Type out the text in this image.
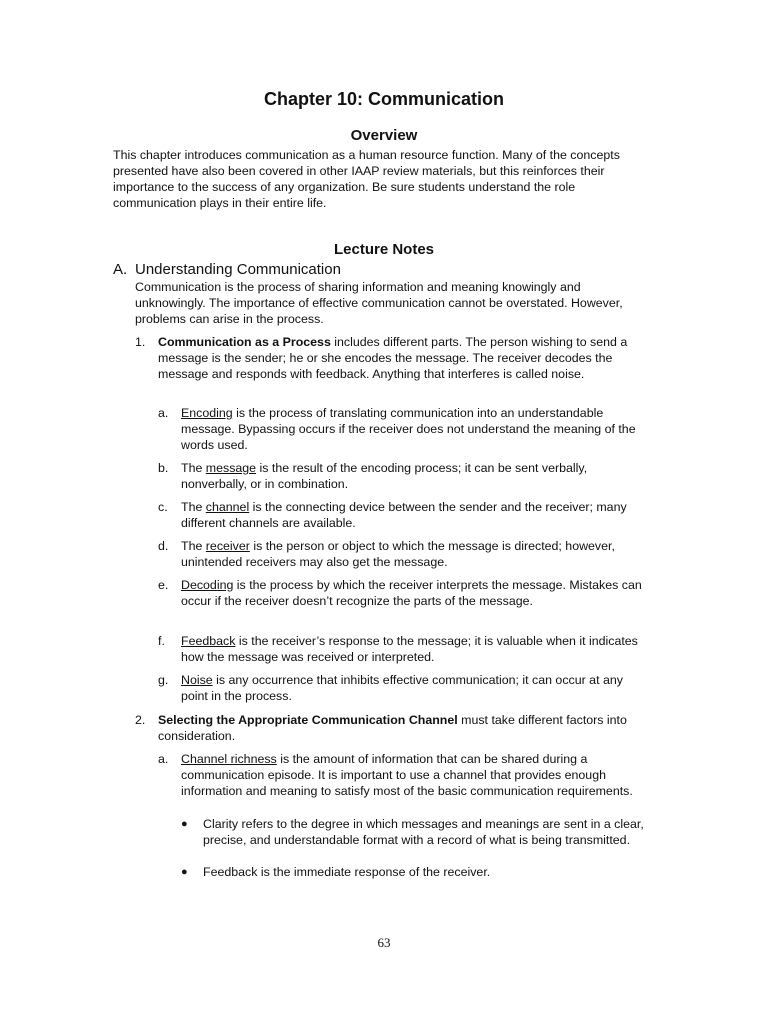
Chapter 10: Communication
Overview

This chapter introduces communication as a human resource function. Many of the concepts presented have also been covered in other IAAP review materials, but this reinforces their importance to the success of any organization. Be sure students understand the role communication plays in their entire life.

Lecture Notes
A. Understanding Communication

Communication is the process of sharing information and meaning knowingly and unknowingly. The importance of effective communication cannot be overstated. However, problems can arise in the process.

1. Communication as a Process includes different parts. The person wishing to send a message is the sender; he or she encodes the message. The receiver decodes the message and responds with feedback. Anything that interferes is called noise.

a. Encoding is the process of translating communication into an understandable message. Bypassing occurs if the receiver does not understand the meaning of the words used.

b. The message is the result of the encoding process; it can be sent verbally, nonverbally, or in combination.

c. The channel is the connecting device between the sender and the receiver; many different channels are available.

d. The receiver is the person or object to which the message is directed; however, unintended receivers may also get the message.

e. Decoding is the process by which the receiver interprets the message. Mistakes can occur if the receiver doesn’t recognize the parts of the message.

f. Feedback is the receiver’s response to the message; it is valuable when it indicates how the message was received or interpreted.

g. Noise is any occurrence that inhibits effective communication; it can occur at any point in the process.

2. Selecting the Appropriate Communication Channel must take different factors into consideration.

a. Channel richness is the amount of information that can be shared during a communication episode. It is important to use a channel that provides enough information and meaning to satisfy most of the basic communication requirements.

● Clarity refers to the degree in which messages and meanings are sent in a clear, precise, and understandable format with a record of what is being transmitted.

● Feedback is the immediate response of the receiver.

63
